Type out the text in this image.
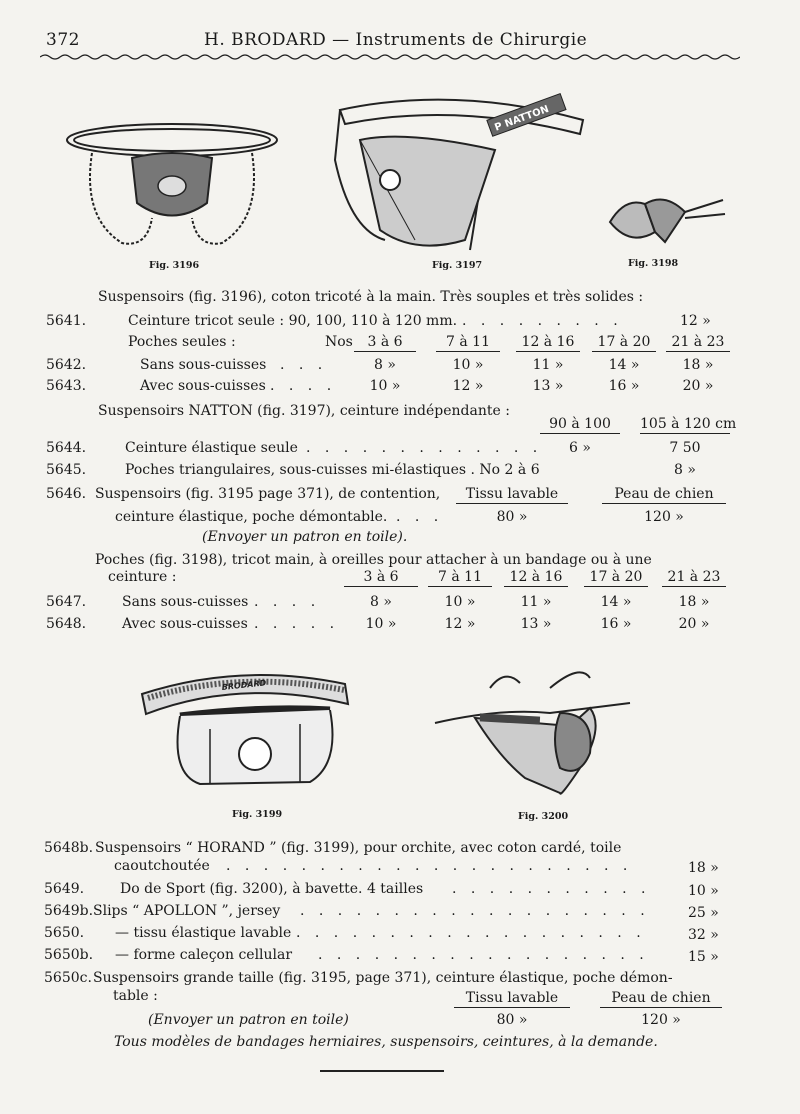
372	H. BRODARD — Instruments de Chirurgie
Fig. 3196
P NATTON
Fig. 3197	Fig. 3198
Suspensoirs (fig. 3196), coton tricoté à la main. Très souples et très solides :
5641.	Ceinture tricot seule : 90, 100, 110 à 120 mm. . . . . . . . . .	12 »
Poches seules :	Nos	3 à 6	7 à 11	12 à 16	17 à 20	21 à 23
5642.	Sans sous-cuisses . . .	8 »	10 »	11 »	14 »	18 »
5643.	Avec sous-cuisses . . . .	10 »	12 »	13 »	16 »	20 »
Suspensoirs NATTON (fig. 3197), ceinture indépendante :
90 à 100	105 à 120 cm
5644.	Ceinture élastique seule . . . . . . . . . . . . .	6 »	7 50
5645.	Poches triangulaires, sous-cuisses mi-élastiques . No 2 à 6	8 »
5646. Suspensoirs (fig. 3195 page 371), de contention,	Tissu lavable	Peau de chien
ceinture élastique, poche démontable. . . .	80 »	120 »
(Envoyer un patron en toile).
Poches (fig. 3198), tricot main, à oreilles pour attacher à un bandage ou à une
ceinture :	3 à 6	7 à 11	12 à 16	17 à 20	21 à 23
5647.	Sans sous-cuisses . . . .	8 »	10 »	11 »	14 »	18 »
5648.	Avec sous-cuisses . . . . .	10 »	12 »	13 »	16 »	20 »
BRODARD
Fig. 3199	Fig. 3200
5648b. Suspensoirs “ HORAND ” (fig. 3199), pour orchite, avec coton cardé, toile
caoutchoutée . . . . . . . . . . . . . . . . . . . . . .	18 »
5649.	Do de Sport (fig. 3200), à bavette. 4 tailles . . . . . . . . . . .	10 »
5649b. Slips “ APOLLON ”, jersey . . . . . . . . . . . . . . . . . . .	25 »
5650. — tissu élastique lavable . . . . . . . . . . . . . . . . . . .	32 »
5650b. — forme caleçon cellular . . . . . . . . . . . . . . . . . .	15 »
5650c. Suspensoirs grande taille (fig. 3195, page 371), ceinture élastique, poche démon-
table :	Tissu lavable	Peau de chien
(Envoyer un patron en toile)	80 »	120 »
Tous modèles de bandages herniaires, suspensoirs, ceintures, à la demande.
